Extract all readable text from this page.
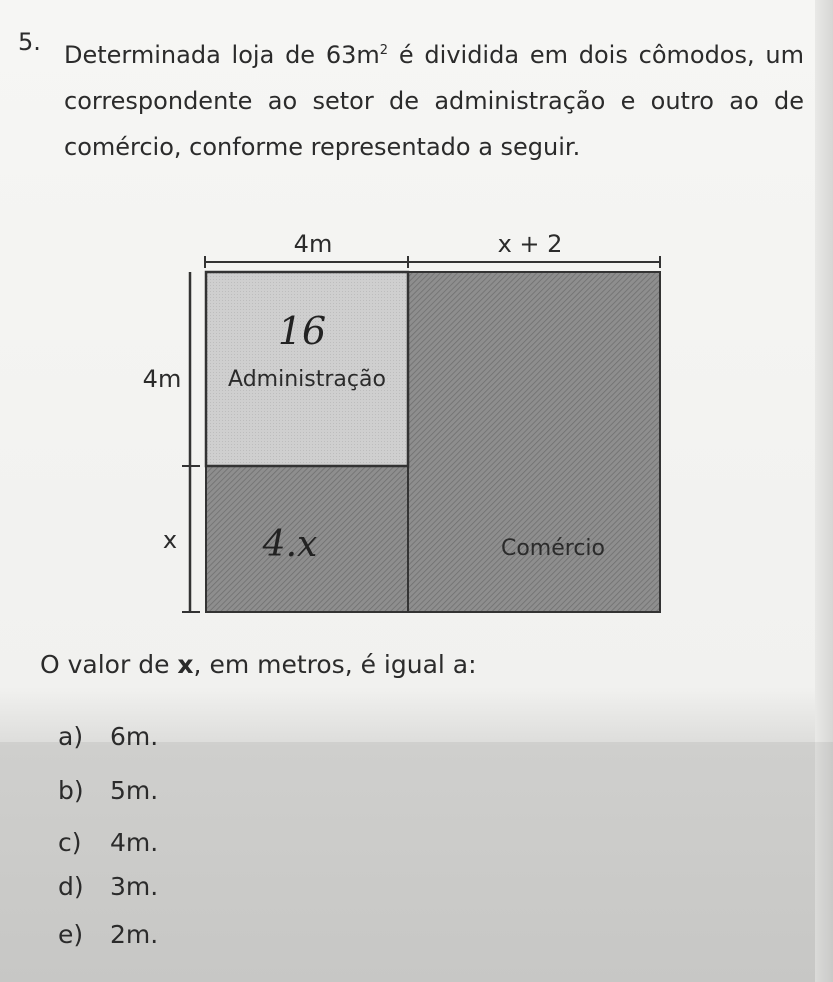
5. Determinada loja de $63m^2$ é dividida em dois cômodos, um correspondente ao setor de administração e outro ao de comércio, conforme representado a seguir.
4m	x + 2
4m
x
Administração
Comércio
16
4.x
O valor de x, em metros, é igual a:
a) 6m.
b) 5m.
c) 4m.
d) 3m.
e) 2m.
